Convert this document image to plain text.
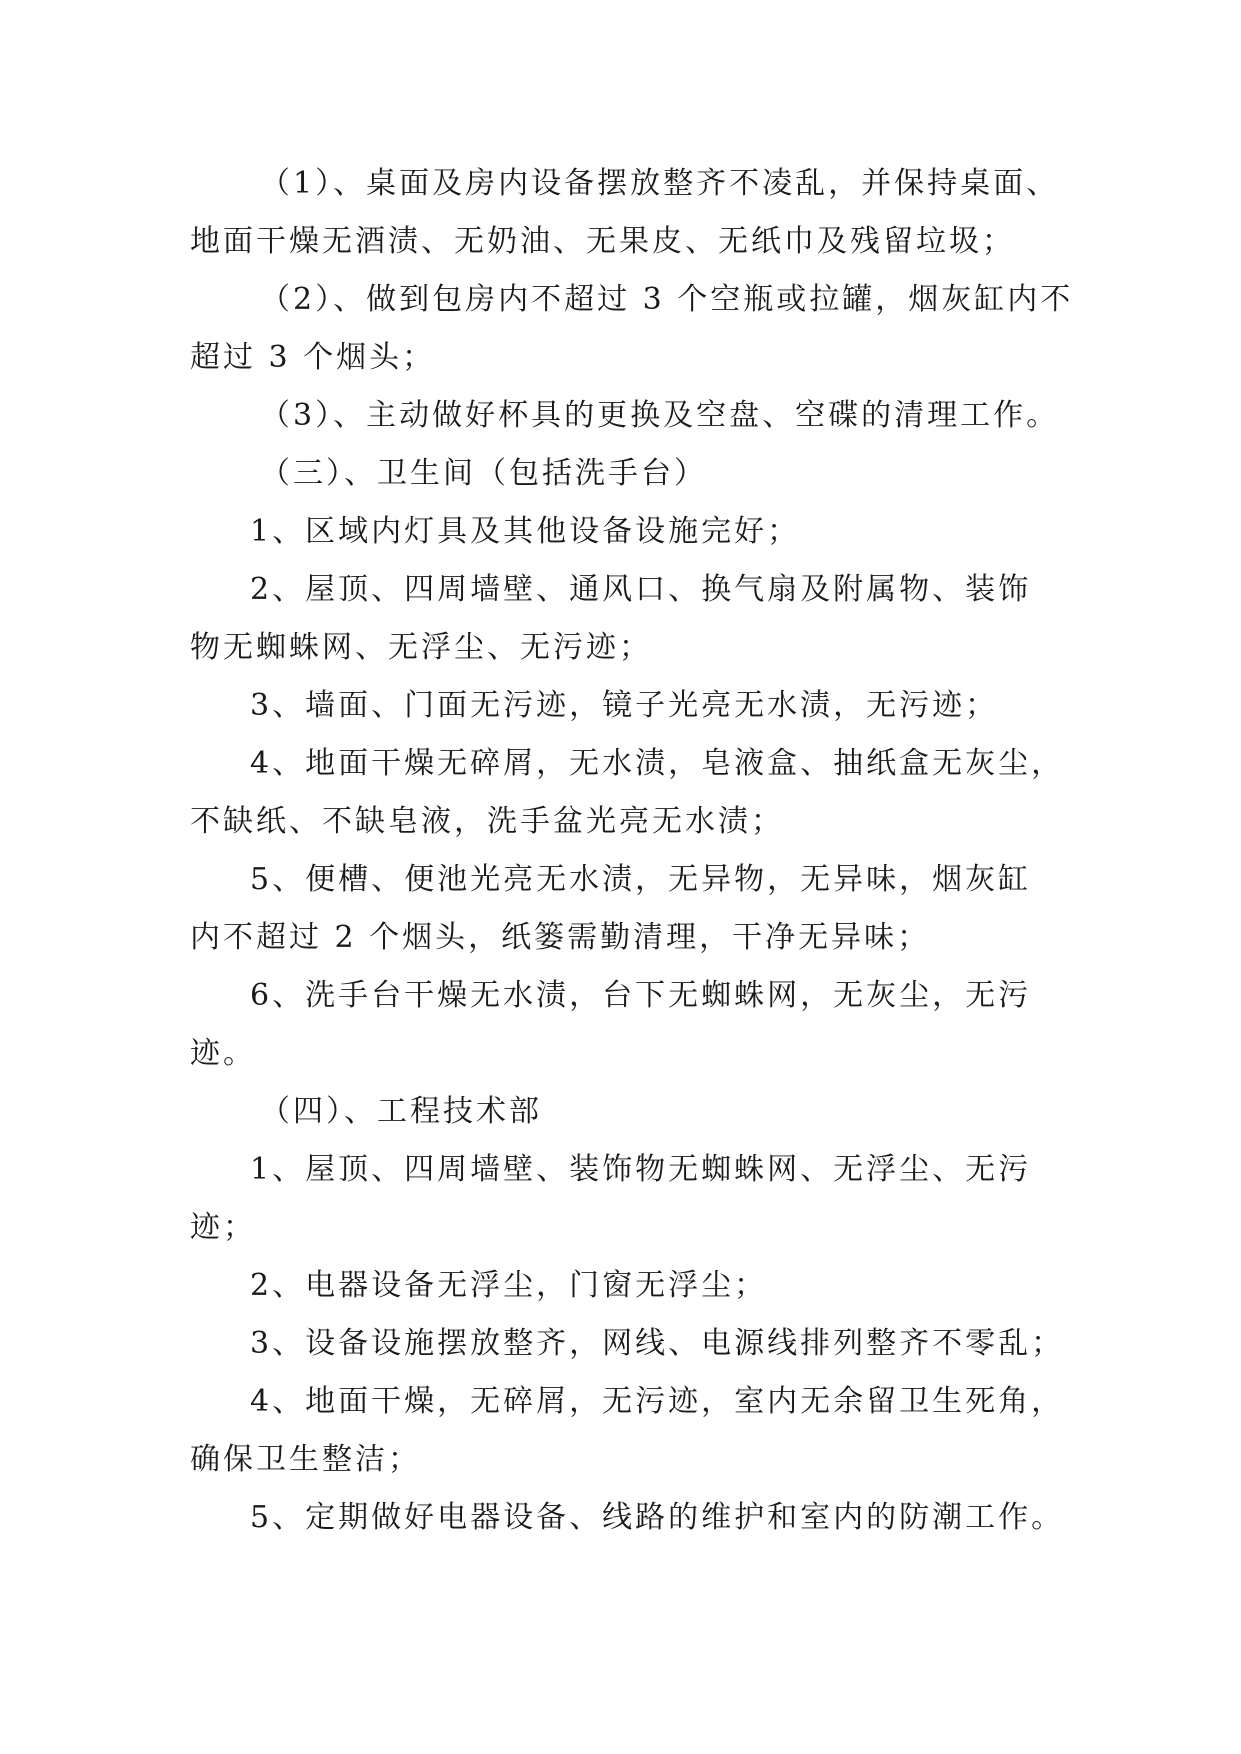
（1）、桌面及房内设备摆放整齐不凌乱，并保持桌面、
地面干燥无酒渍、无奶油、无果皮、无纸巾及残留垃圾；
（2）、做到包房内不超过 3 个空瓶或拉罐，烟灰缸内不
超过 3 个烟头；
（3）、主动做好杯具的更换及空盘、空碟的清理工作。
（三）、卫生间（包括洗手台）
1、区域内灯具及其他设备设施完好；
2、屋顶、四周墙壁、通风口、换气扇及附属物、装饰
物无蜘蛛网、无浮尘、无污迹；
3、墙面、门面无污迹，镜子光亮无水渍，无污迹；
4、地面干燥无碎屑，无水渍，皂液盒、抽纸盒无灰尘，
不缺纸、不缺皂液，洗手盆光亮无水渍；
5、便槽、便池光亮无水渍，无异物，无异味，烟灰缸
内不超过 2 个烟头，纸篓需勤清理，干净无异味；
6、洗手台干燥无水渍，台下无蜘蛛网，无灰尘，无污
迹。
（四）、工程技术部
1、屋顶、四周墙壁、装饰物无蜘蛛网、无浮尘、无污
迹；
2、电器设备无浮尘，门窗无浮尘；
3、设备设施摆放整齐，网线、电源线排列整齐不零乱；
4、地面干燥，无碎屑，无污迹，室内无余留卫生死角，
确保卫生整洁；
5、定期做好电器设备、线路的维护和室内的防潮工作。
